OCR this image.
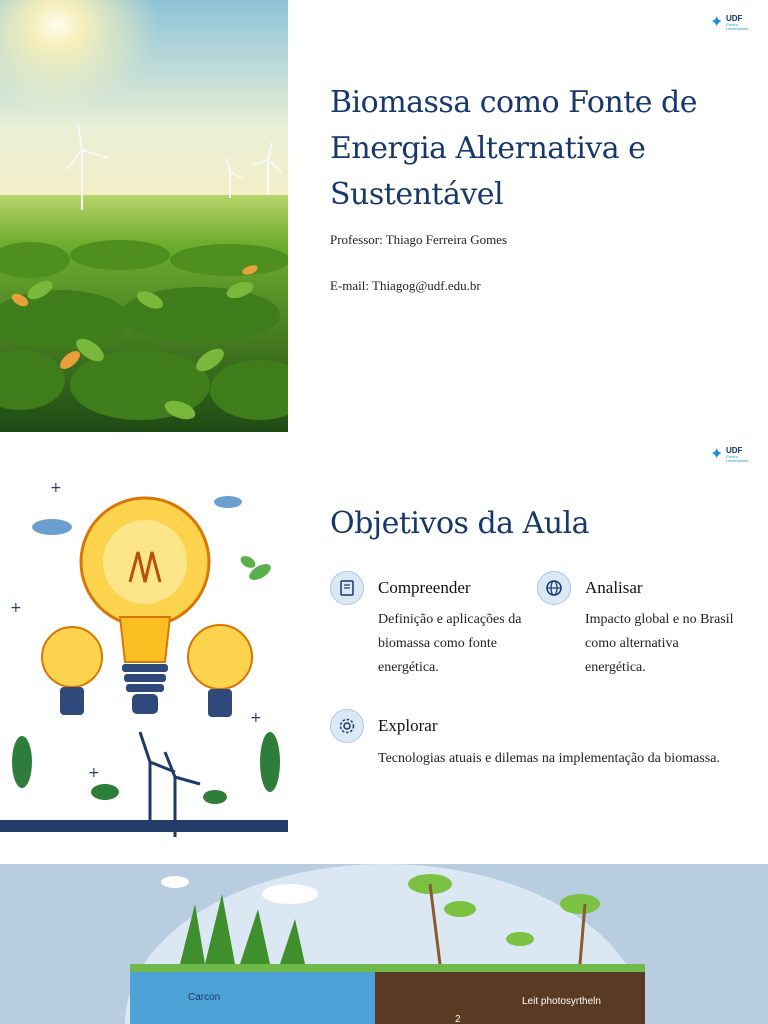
✦ UDF
Centro Universitário
Biomassa como Fonte de Energia Alternativa e Sustentável
Professor: Thiago Ferreira Gomes
E-mail: Thiagog@udf.edu.br
+
+
+
+
✦ UDF
Centro Universitário
Objetivos da Aula
Compreender
Definição e aplicações da biomassa como fonte energética.
Analisar
Impacto global e no Brasil como alternativa energética.
Explorar
Tecnologias atuais e dilemas na implementação da biomassa.
Carcon	Leit photosyrtheln
2
